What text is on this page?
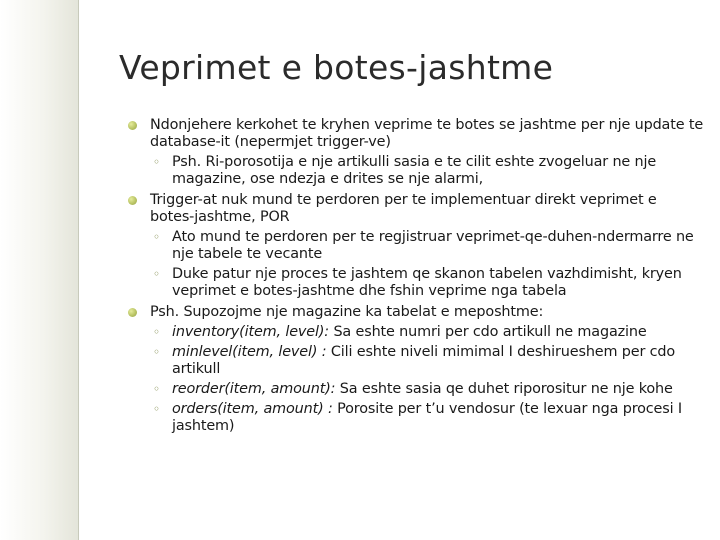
Veprimet e botes-jashtme
Ndonjehere kerkohet te kryhen veprime te botes se jashtme per nje update te database-it (nepermjet trigger-ve)
◦ Psh. Ri-porosotija e nje artikulli sasia e te cilit eshte zvogeluar ne nje magazine, ose ndezja e drites se nje alarmi,
Trigger-at nuk mund te perdoren per te implementuar direkt veprimet e botes-jashtme, POR
◦ Ato mund te perdoren per te regjistruar veprimet-qe-duhen-ndermarre ne nje tabele te vecante
◦ Duke patur nje proces te jashtem qe skanon tabelen vazhdimisht, kryen veprimet e botes-jashtme dhe fshin veprime nga tabela
Psh. Supozojme nje magazine ka tabelat e meposhtme:
◦ inventory(item, level): Sa eshte numri per cdo artikull ne magazine
◦ minlevel(item, level) : Cili eshte niveli mimimal I deshirueshem per cdo artikull
◦ reorder(item, amount): Sa eshte sasia qe duhet riporositur ne nje kohe
◦ orders(item, amount) : Porosite per t’u vendosur (te lexuar nga procesi I jashtem)
